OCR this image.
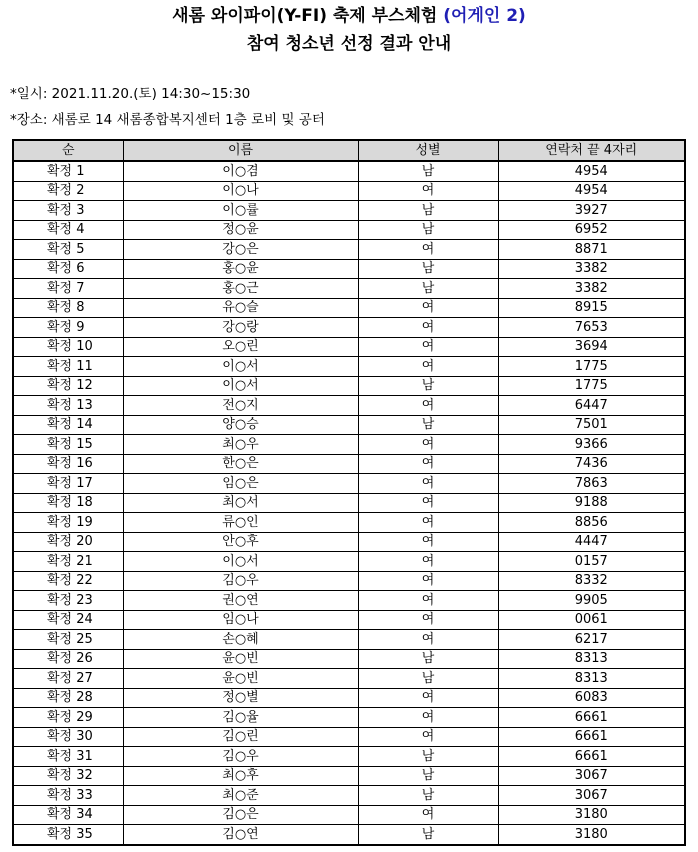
새롬 와이파이(Y-FI) 축제 부스체험 (어게인 2)
참여 청소년 선정 결과 안내
*일시: 2021.11.20.(토) 14:30~15:30
*장소: 새롬로 14 새롬종합복지센터 1층 로비 및 공터
순	이름	성별	연락처 끝 4자리
확정 1	이○겸	남	4954
확정 2	이○나	여	4954
확정 3	이○률	남	3927
확정 4	정○윤	남	6952
확정 5	강○은	여	8871
확정 6	홍○윤	남	3382
확정 7	홍○근	남	3382
확정 8	유○슬	여	8915
확정 9	강○랑	여	7653
확정 10	오○린	여	3694
확정 11	이○서	여	1775
확정 12	이○서	남	1775
확정 13	전○지	여	6447
확정 14	양○승	남	7501
확정 15	최○우	여	9366
확정 16	한○은	여	7436
확정 17	임○은	여	7863
확정 18	최○서	여	9188
확정 19	류○인	여	8856
확정 20	안○후	여	4447
확정 21	이○서	여	0157
확정 22	김○우	여	8332
확정 23	권○연	여	9905
확정 24	임○나	여	0061
확정 25	손○혜	여	6217
확정 26	윤○빈	남	8313
확정 27	윤○빈	남	8313
확정 28	정○별	여	6083
확정 29	김○율	여	6661
확정 30	김○린	여	6661
확정 31	김○우	남	6661
확정 32	최○후	남	3067
확정 33	최○준	남	3067
확정 34	김○은	여	3180
확정 35	김○연	남	3180
